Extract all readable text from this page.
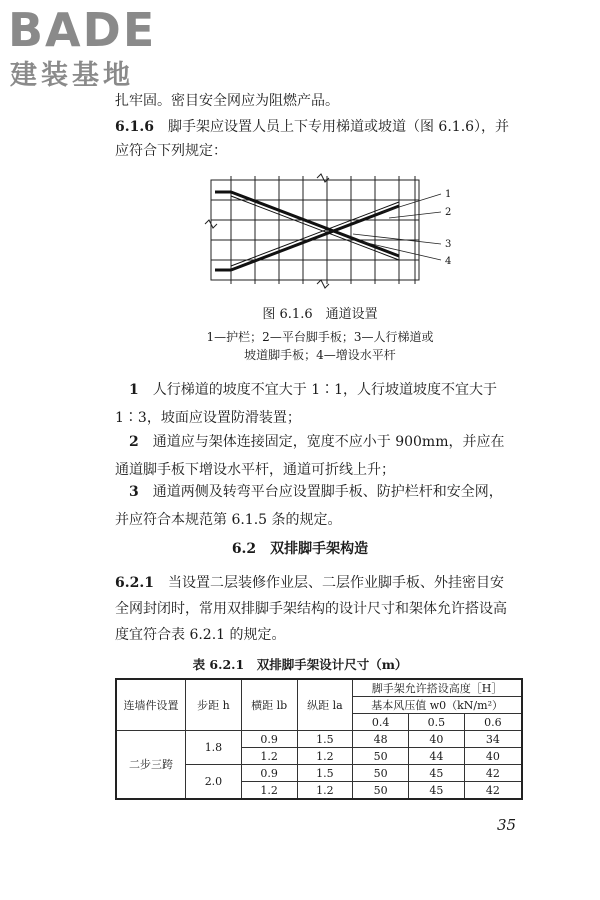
BADE
建装基地
扎牢固。密目安全网应为阻燃产品。
6.1.6　 脚手架应设置人员上下专用梯道或坡道（图 6.1.6），并
应符合下列规定：
1
2
3
4
图 6.1.6　通道设置
1—护栏；2—平台脚手板；3—人行梯道或
坡道脚手板；4—增设水平杆
　1　 人行梯道的坡度不宜大于 1∶1，人行坡道坡度不宜大于
1∶3，坡面应设置防滑装置；
　2　 通道应与架体连接固定，宽度不应小于 900mm，并应在
通道脚手板下增设水平杆，通道可折线上升；
　3　 通道两侧及转弯平台应设置脚手板、防护栏杆和安全网，
并应符合本规范第 6.1.5 条的规定。
6.2　 双排脚手架构造
6.2.1　 当设置二层装修作业层、二层作业脚手板、外挂密目安
全网封闭时，常用双排脚手架结构的设计尺寸和架体允许搭设高
度宜符合表 6.2.1 的规定。
表 6.2.1　双排脚手架设计尺寸（m）
连墙件设置	步距 h	横距 lb	纵距 la	脚手架允许搭设高度［H］		
				基本风压值 w0（kN/m²）		
				0.4	0.5	0.6
二步三跨	1.8	0.9	1.5	48	40	34
		1.2	1.2	50	44	40
	2.0	0.9	1.5	50	45	42
		1.2	1.2	50	45	42
35
